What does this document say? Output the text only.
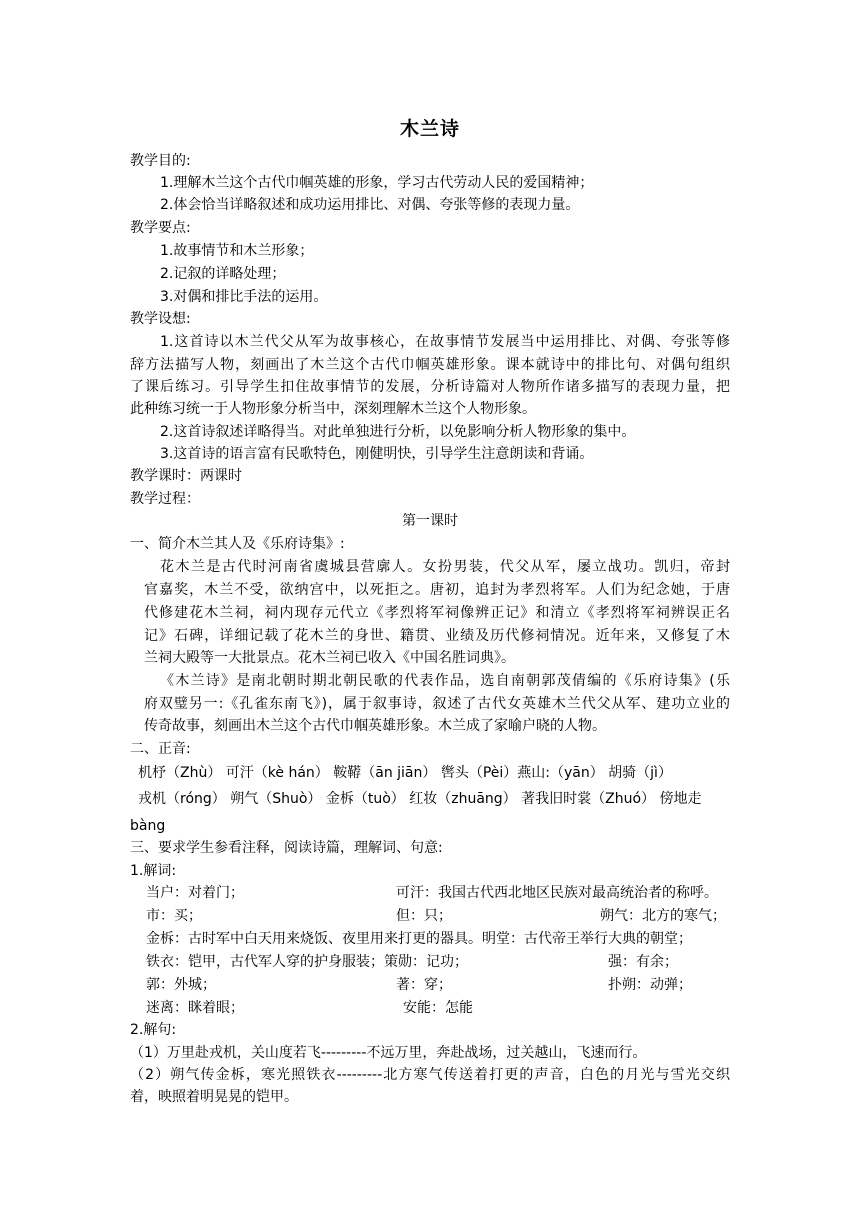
木兰诗
教学目的:
1.理解木兰这个古代巾帼英雄的形象，学习古代劳动人民的爱国精神；
2.体会恰当详略叙述和成功运用排比、对偶、夸张等修的表现力量。
教学要点:
1.故事情节和木兰形象；
2.记叙的详略处理；
3.对偶和排比手法的运用。
教学设想:
1.这首诗以木兰代父从军为故事核心，在故事情节发展当中运用排比、对偶、夸张等修
辞方法描写人物，刻画出了木兰这个古代巾帼英雄形象。课本就诗中的排比句、对偶句组织
了课后练习。引导学生扣住故事情节的发展，分析诗篇对人物所作诸多描写的表现力量，把
此种练习统一于人物形象分析当中，深刻理解木兰这个人物形象。
2.这首诗叙述详略得当。对此单独进行分析，以免影响分析人物形象的集中。
3.这首诗的语言富有民歌特色，刚健明快，引导学生注意朗读和背诵。
教学课时：两课时
教学过程：
第一课时
一、简介木兰其人及《乐府诗集》:
花木兰是古代时河南省虞城县营廓人。女扮男装，代父从军，屡立战功。凯归，帝封
官嘉奖，木兰不受，欲纳宫中，以死拒之。唐初，追封为孝烈将军。人们为纪念她，于唐
代修建花木兰祠，祠内现存元代立《孝烈将军祠像辨正记》和清立《孝烈将军祠辨误正名
记》石碑，详细记载了花木兰的身世、籍贯、业绩及历代修祠情况。近年来，又修复了木
兰祠大殿等一大批景点。花木兰祠已收入《中国名胜词典》。
《木兰诗》是南北朝时期北朝民歌的代表作品，选自南朝郭茂倩编的《乐府诗集》(乐
府双璧另一:《孔雀东南飞》)，属于叙事诗，叙述了古代女英雄木兰代父从军、建功立业的
传奇故事，刻画出木兰这个古代巾帼英雄形象。木兰成了家喻户晓的人物。
二、正音:
机杼（Zhù） 可汗（kè hán） 鞍鞯（ān jiān） 辔头（Pèi）燕山:（yān） 胡骑（jì）
戎机（róng） 朔气（Shuò） 金柝（tuò） 红妆（zhuāng） 著我旧时裳（Zhuó） 傍地走
bàng
三、要求学生参看注释，阅读诗篇，理解词、句意:
1.解词:
当户：对着门；	可汗：我国古代西北地区民族对最高统治者的称呼。
市：买；	但：只；	朔气：北方的寒气；
金柝：古时军中白天用来烧饭、夜里用来打更的器具。明堂：古代帝王举行大典的朝堂；
铁衣：铠甲，古代军人穿的护身服装；策勋：记功；	强：有余；
郭：外城；	著：穿；	扑朔：动弹；
迷离：眯着眼；	安能：怎能
2.解句:
（1）万里赴戎机，关山度若飞---------不远万里，奔赴战场，过关越山，飞速而行。
（2）朔气传金柝，寒光照铁衣---------北方寒气传送着打更的声音，白色的月光与雪光交织
着，映照着明晃晃的铠甲。
